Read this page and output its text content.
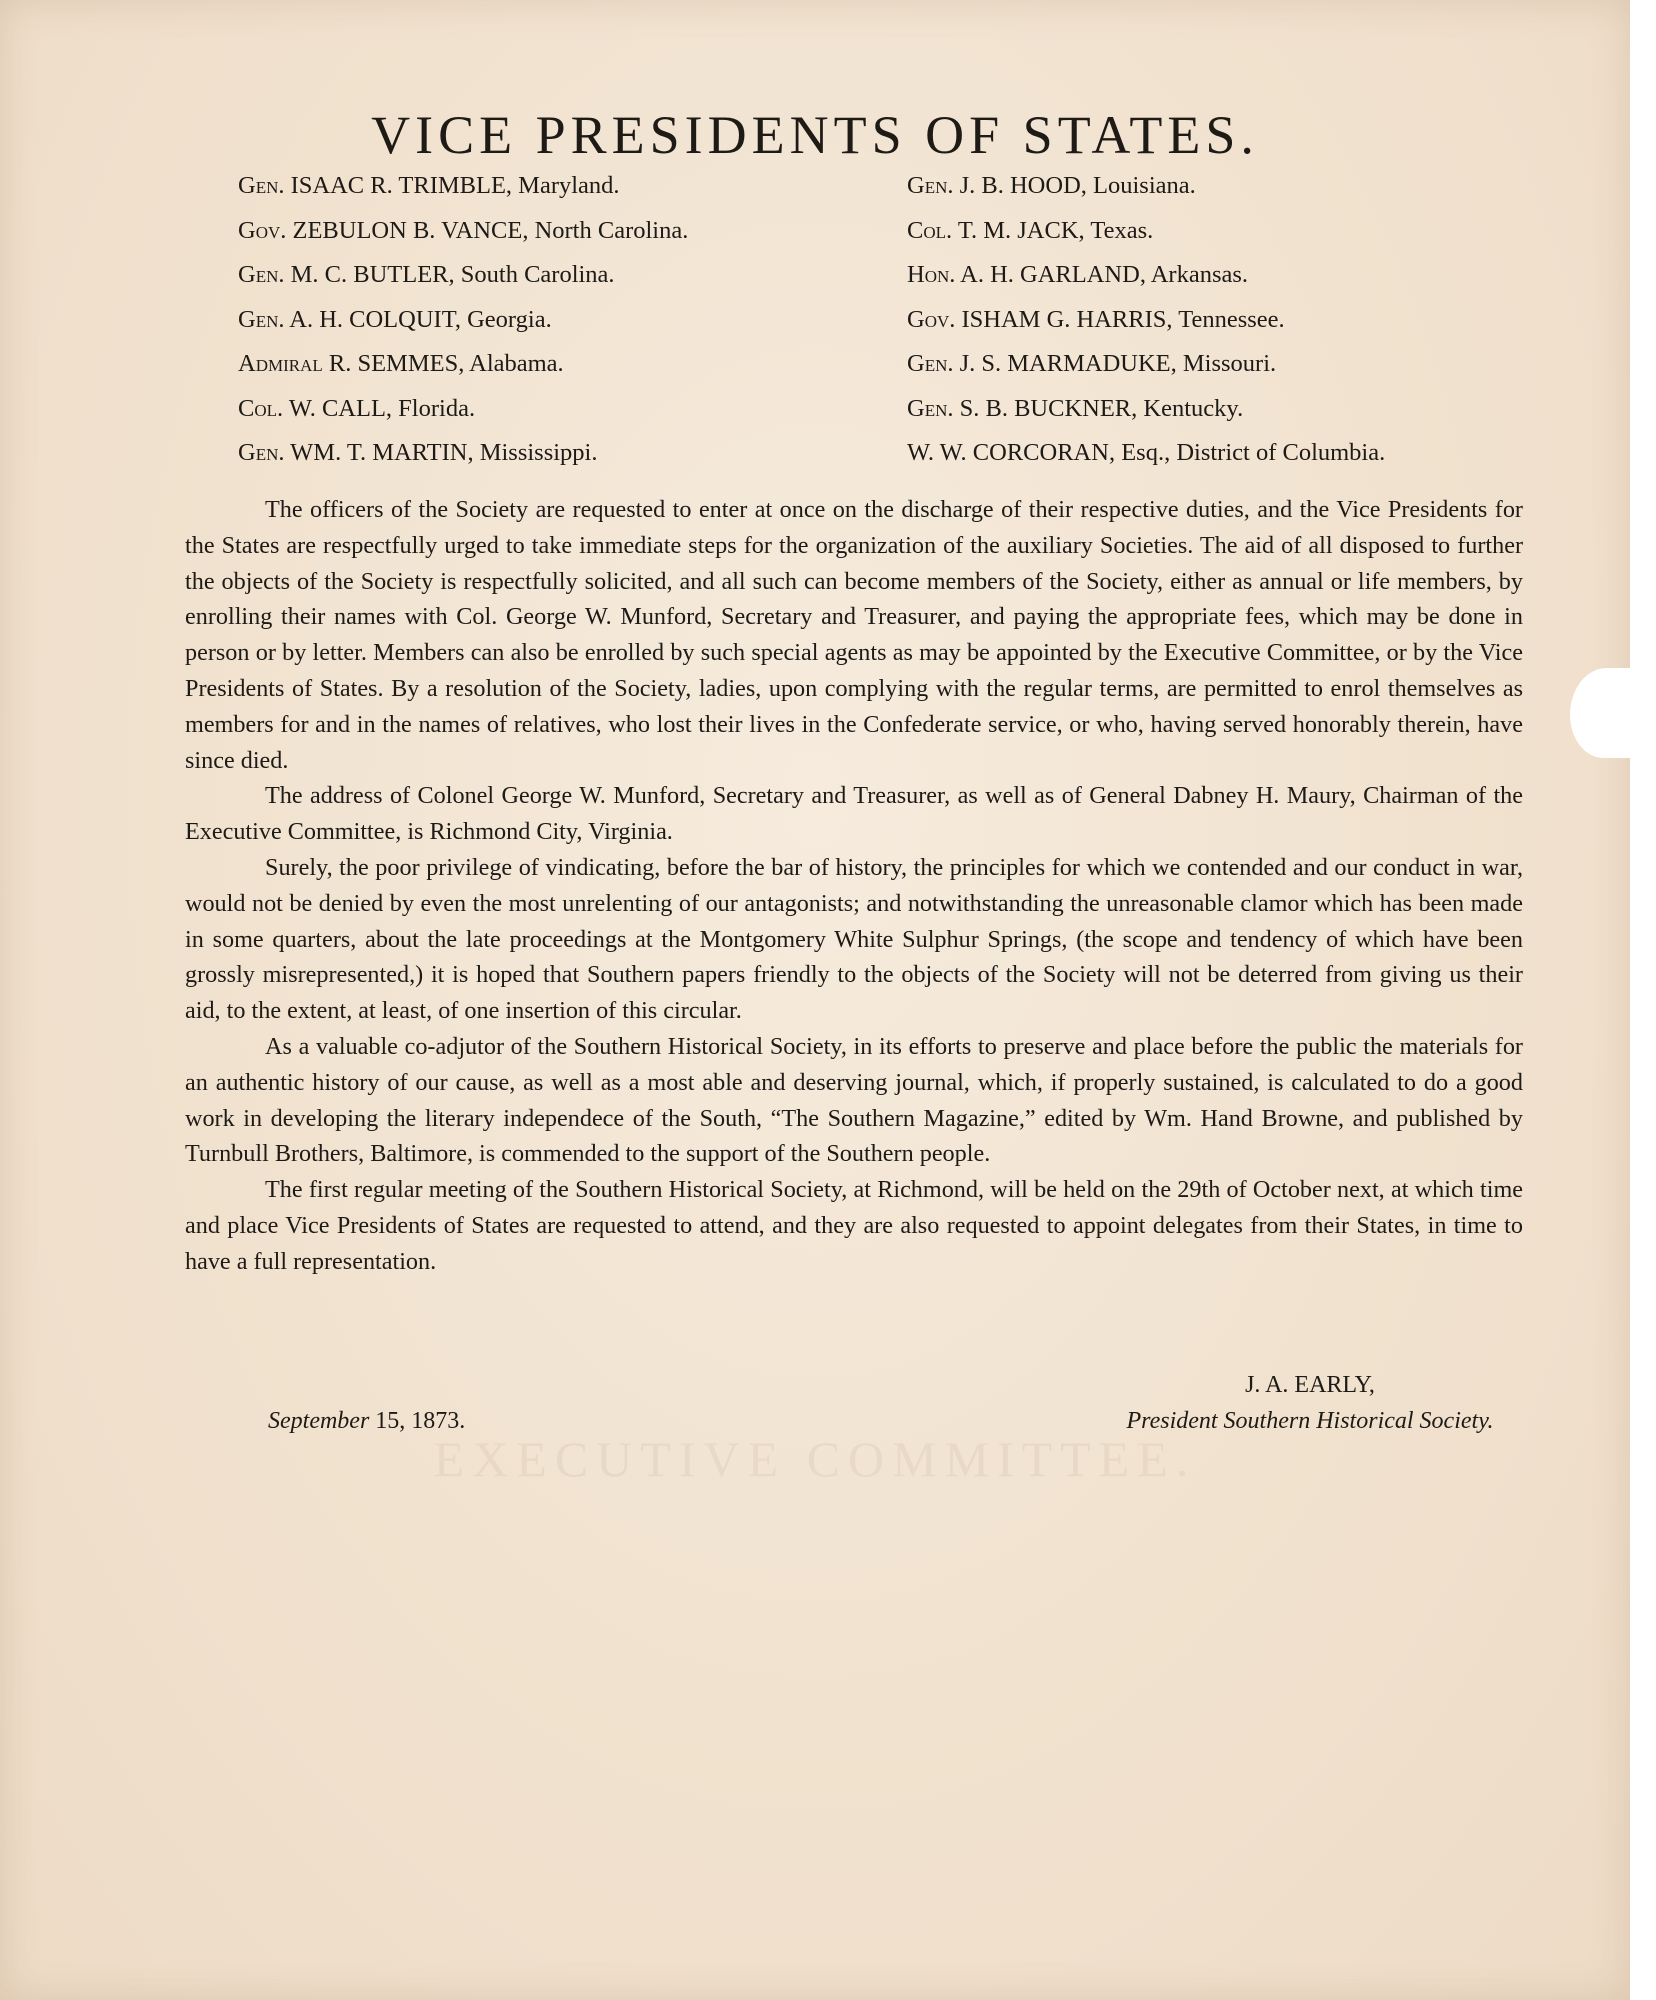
VICE PRESIDENTS OF STATES.
Gen. ISAAC R. TRIMBLE, Maryland.
Gov. ZEBULON B. VANCE, North Carolina.
Gen. M. C. BUTLER, South Carolina.
Gen. A. H. COLQUIT, Georgia.
Admiral R. SEMMES, Alabama.
Col. W. CALL, Florida.
Gen. WM. T. MARTIN, Mississippi.
Gen. J. B. HOOD, Louisiana.
Col. T. M. JACK, Texas.
Hon. A. H. GARLAND, Arkansas.
Gov. ISHAM G. HARRIS, Tennessee.
Gen. J. S. MARMADUKE, Missouri.
Gen. S. B. BUCKNER, Kentucky.
W. W. CORCORAN, Esq., District of Columbia.

The officers of the Society are requested to enter at once on the discharge of their respective duties, and the Vice Presidents for the States are respectfully urged to take immediate steps for the organization of the auxiliary Societies. The aid of all disposed to further the objects of the Society is respectfully solicited, and all such can become members of the Society, either as annual or life members, by enrolling their names with Col. George W. Munford, Secretary and Treasurer, and paying the appropriate fees, which may be done in person or by letter. Members can also be enrolled by such special agents as may be appointed by the Executive Committee, or by the Vice Presidents of States. By a resolution of the Society, ladies, upon complying with the regular terms, are permitted to enrol themselves as members for and in the names of relatives, who lost their lives in the Confederate service, or who, having served honorably therein, have since died.

The address of Colonel George W. Munford, Secretary and Treasurer, as well as of General Dabney H. Maury, Chairman of the Executive Committee, is Richmond City, Virginia.

Surely, the poor privilege of vindicating, before the bar of history, the principles for which we contended and our conduct in war, would not be denied by even the most unrelenting of our antagonists; and notwithstanding the unreasonable clamor which has been made in some quarters, about the late proceedings at the Montgomery White Sulphur Springs, (the scope and tendency of which have been grossly misrepresented,) it is hoped that Southern papers friendly to the objects of the Society will not be deterred from giving us their aid, to the extent, at least, of one insertion of this circular.

As a valuable co-adjutor of the Southern Historical Society, in its efforts to preserve and place before the public the materials for an authentic history of our cause, as well as a most able and deserving journal, which, if properly sustained, is calculated to do a good work in developing the literary independece of the South, “The Southern Magazine,” edited by Wm. Hand Browne, and published by Turnbull Brothers, Baltimore, is commended to the support of the Southern people.

The first regular meeting of the Southern Historical Society, at Richmond, will be held on the 29th of October next, at which time and place Vice Presidents of States are requested to attend, and they are also requested to appoint delegates from their States, in time to have a full representation.

J. A. EARLY,
President Southern Historical Society.
September 15, 1873.
EXECUTIVE COMMITTEE.
